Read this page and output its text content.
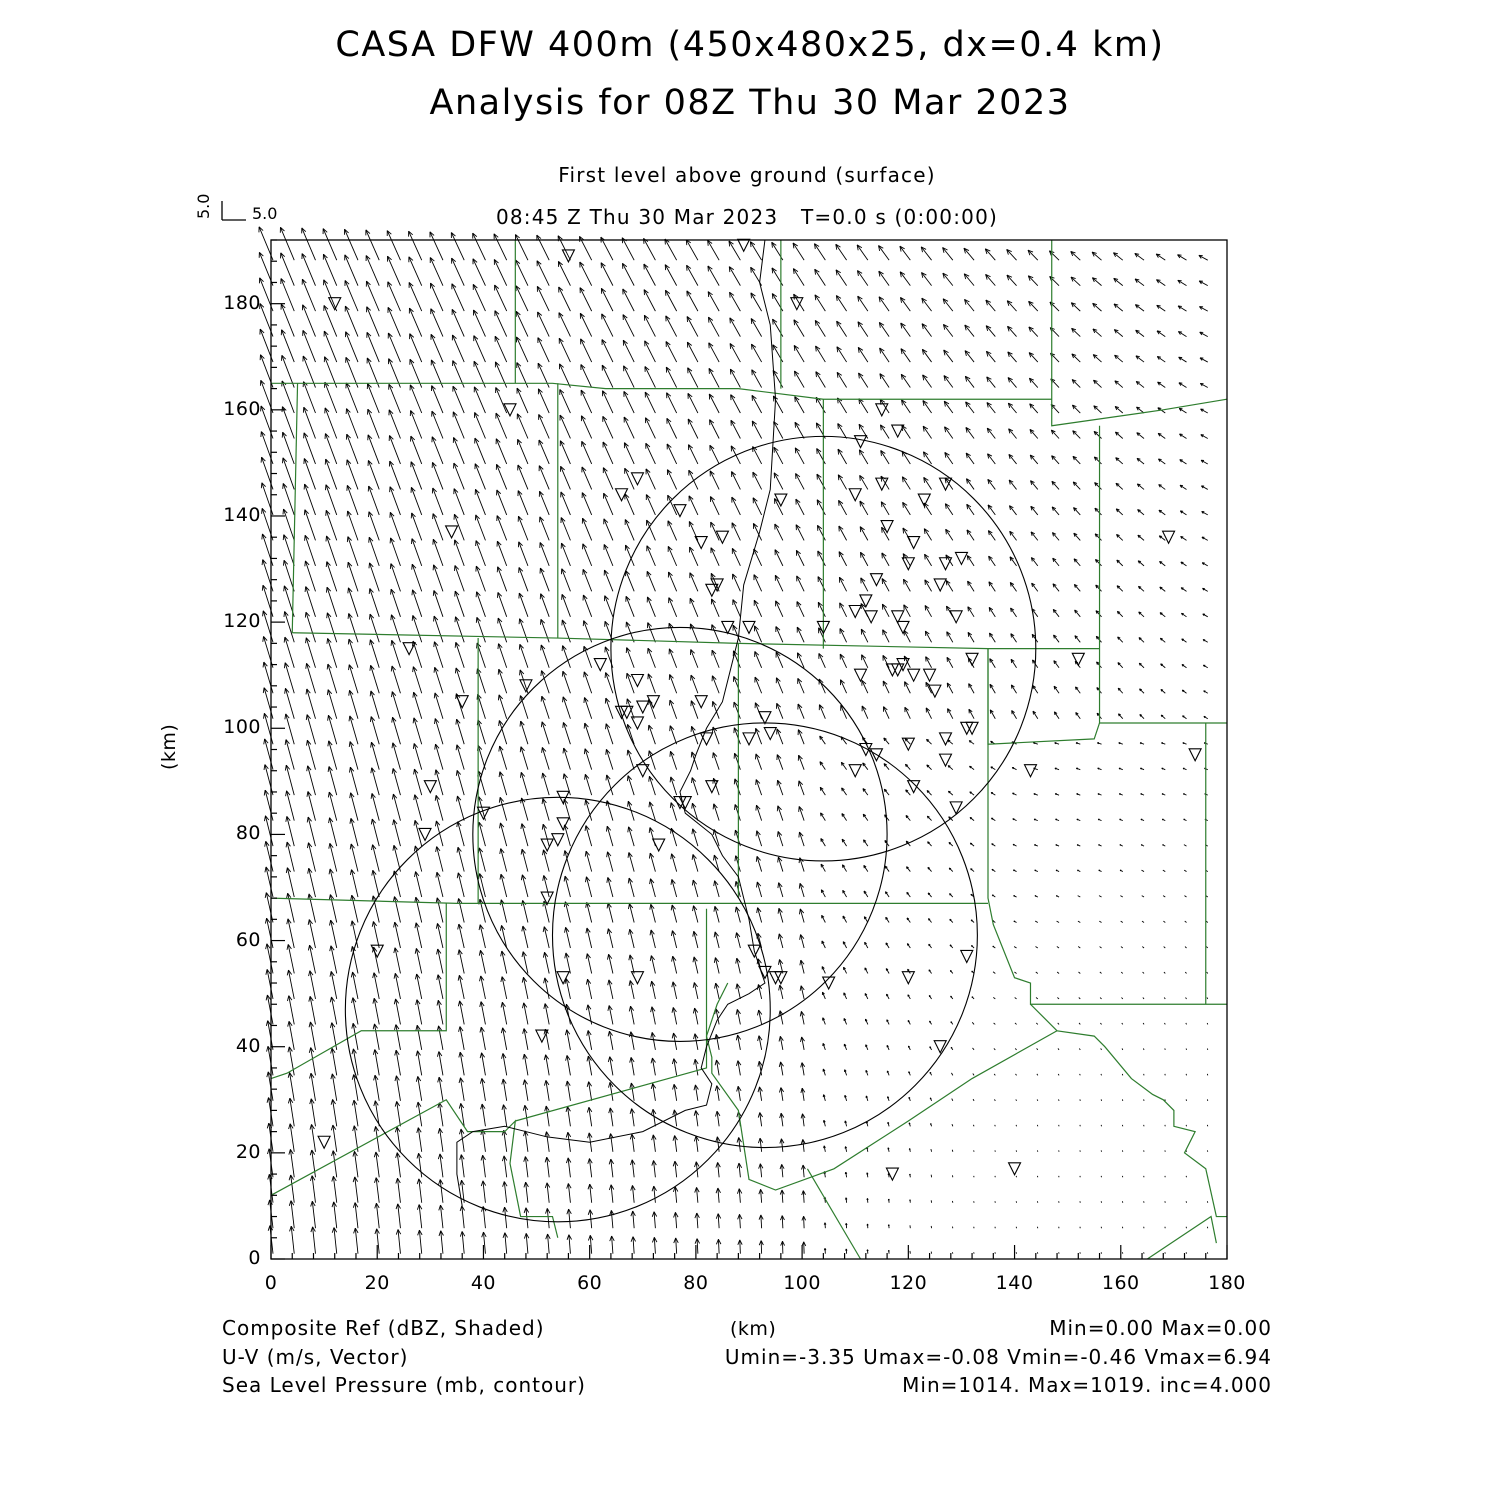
CASA DFW 400m (450x480x25, dx=0.4 km)
Analysis for 08Z Thu 30 Mar 2023
First level above ground (surface)
08:45 Z Thu 30 Mar 2023   T=0.0 s (0:00:00)
5.0
5.0
0	20	40	60	80	100	120	140	160	180
0
20
40
60
80
100
120
140
160
180
(km)
(km)
Composite Ref (dBZ, Shaded)	Min=0.00 Max=0.00
U-V (m/s, Vector)	Umin=-3.35 Umax=-0.08 Vmin=-0.46 Vmax=6.94
Sea Level Pressure (mb, contour)	Min=1014. Max=1019. inc=4.000
